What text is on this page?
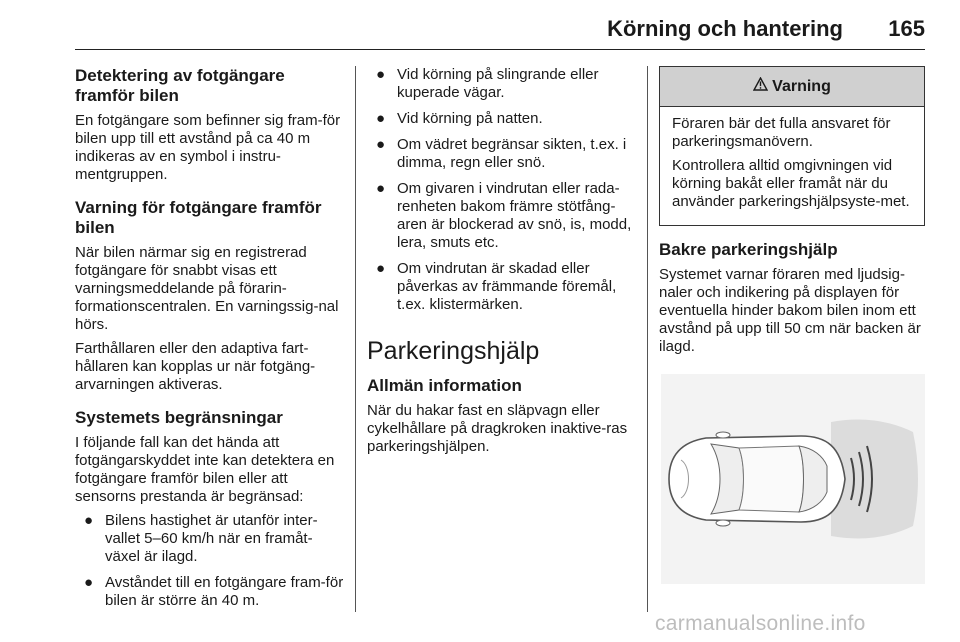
Körning och hantering 165
Detektering av fotgängare framför bilen

En fotgängare som befinner sig fram-för bilen upp till ett avstånd på ca 40 m indikeras av en symbol i instru-mentgruppen.

Varning för fotgängare framför bilen

När bilen närmar sig en registrerad fotgängare för snabbt visas ett varningsmeddelande på förarin-formationscentralen. En varningssig-nal hörs.

Farthållaren eller den adaptiva fart-hållaren kan kopplas ur när fotgäng-arvarningen aktiveras.

Systemets begränsningar

I följande fall kan det hända att fotgängarskyddet inte kan detektera en fotgängare framför bilen eller att sensorns prestanda är begränsad:

● Bilens hastighet är utanför inter-vallet 5–60 km/h när en framåt-växel är ilagd.
● Avståndet till en fotgängare fram-för bilen är större än 40 m.
● Vid körning på slingrande eller kuperade vägar.
● Vid körning på natten.
● Om vädret begränsar sikten, t.ex. i dimma, regn eller snö.
● Om givaren i vindrutan eller rada-renheten bakom främre stötfång-aren är blockerad av snö, is, modd, lera, smuts etc.
● Om vindrutan är skadad eller påverkas av främmande föremål, t.ex. klistermärken.
Parkeringshjälp
Allmän information

När du hakar fast en släpvagn eller cykelhållare på dragkroken inaktive-ras parkeringshjälpen.

Varning

Föraren bär det fulla ansvaret för parkeringsmanövern.

Kontrollera alltid omgivningen vid körning bakåt eller framåt när du använder parkeringshjälpsyste-met.

Bakre parkeringshjälp

Systemet varnar föraren med ljudsig-naler och indikering på displayen för eventuella hinder bakom bilen inom ett avstånd på upp till 50 cm när backen är ilagd.

carmanualsonline.info
